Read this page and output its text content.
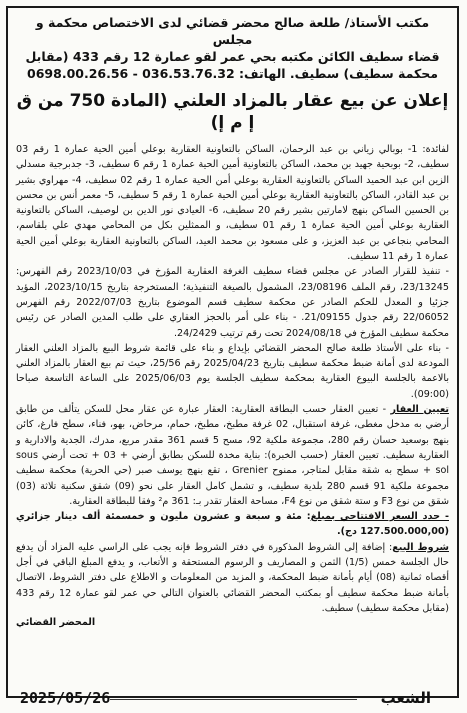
مكتب الأستاذ/ طلعة صالح محضر قضائي لدى الاختصاص محكمة و مجلس
قضاء سطيف الكائن مكتبه بحي عمر لقو عمارة 12 رقم 433 (مقابل
محكمة سطيف) سطيف. الهاتف: 036.53.76.32 - 0698.00.26.56
إعلان عن بيع عقار بالمزاد العلني (المادة 750 من ق إ م إ)

لفائدة: 1- بوبالي زياني بن عبد الرحمان، الساكن بالتعاونية العقارية بوعلي أمين الحية عمارة 1 رقم 03 سطيف، 2- بوبحية جهيد بن محمد، الساكن بالتعاونية أمين الحية عمارة 1 رقم 6 سطيف، 3- جدبرجية مسدلي الزين ابن عبد الحميد الساكن بالتعاونية العقارية بوعلي أمن الحية عمارة 1 رقم 02 سطيف، 4- مهراوي بشير بن عبد القادر، الساكن بالتعاونية العقارية بوعلي أمين الحية عمارة 1 رقم 5 سطيف، 5- معمر أنس بن محسن بن الحسين الساكن بنهج لامارتين بشير رقم 20 سطيف، 6- العيادي نور الدين بن لوصيف، الساكن بالتعاونية العقارية بوعلي أمين الحية عمارة 1 رقم 01 سطيف، و الممثلين بكل من المحامي مهدي علي بلقاسم، المحامي بنجاعي بن عبد العزيز، و على مسعود بن محمد العيد، الساكن بالتعاونية العقارية بوعلي أمين الحية عمارة 1 رقم 11 سطيف.

- تنفيذ للقرار الصادر عن مجلس قضاء سطيف الغرفة العقارية المؤرخ في 2023/10/03 رقم الفهرس: 23/13245، رقم الملف 23/08196، المشمول بالصيغة التنفيذية؛ المستخرجة بتاريخ 2023/10/15، المؤيد جزئيا و المعدل للحكم الصادر عن محكمة سطيف قسم الموضوع بتاريخ 2022/07/03 رقم الفهرس 22/06052 رقم جدول 21/09155. - بناء على أمر بالحجز العقاري على طلب المدين الصادر عن رئيس محكمة سطيف المؤرخ في 2024/08/18 تحت رقم ترتيب 24/2429.

- بناء على الأستاذ طلعة صالح المحضر القضائي بإيداع و بناء على قائمة شروط البيع بالمزاد العلني العقار المودعة لدى أمانة ضبط محكمة سطيف بتاريخ 2025/04/23 رقم 25/56، حيث تم بيع العقار بالمزاد العلني بالاعمة بالجلسة البيوع العقارية بمحكمة سطيف الجلسة يوم 2025/06/03 على الساعة التاسعة صباحا (09:00).

تعيين العقار - تعيين العقار حسب البطاقة العقارية: العقار عبارة عن عقار محل للسكن يتألف من طابق أرضي به مدخل مغطى، غرفة استقبال، 02 غرفة مطبخ، مطبخ، حمام، مرحاض، بهو، فناء، سطح فارغ، كائن بنهج بوسعيد حسان رقم 280، مجموعة ملكية 92، مسح 5 قسم 361 مقدر مربع، مدرك، الجدية والادارية و العقارية سطيف. تعيين العقار (حسب الخبرة): بناية مخدة للسكن بطابق أرضي + 03 + تحت أرضي sous sol + سطح به شقة مقابل لمتاجر، ممنوح Grenier ، تقع بنهج يوسف صبر (حي الحرية) محكمة سطيف مجموعة ملكية 91 قسم 280 بلدية سطيف، و تشمل كامل العقار على نحو (09) شقق سكنية تلاثة (03) شقق من نوع F3 و ستة شقق من نوع F4، مساحة العقار تقدر بـ: 361 م² وفقا للبطاقة العقارية.

- حدد السعر الافتتاحي بمبلغ: مئة و سبعة و عشرون مليون و خمسمئة ألف دينار جزائري (127.500.000,00 دج).

شروط البيع: إضافة إلى الشروط المذكورة في دفتر الشروط فإنه يجب على الراسي عليه المزاد أن يدفع حال الجلسة خمس (1/5) الثمن و المصاريف و الرسوم المستحقة و الأتعاب، و يدفع المبلغ الباقي في أجل أقصاه ثمانية (08) أيام بأمانة ضبط المحكمة، و المزيد من المعلومات و الاطلاع على دفتر الشروط، الاتصال بأمانة ضبط محكمة سطيف أو بمكتب المحضر القضائي بالعنوان التالي حي عمر لقو عمارة 12 رقم 433 (مقابل محكمة سطيف) سطيف.

المحضر القضائي
2025/05/26	الشعب
